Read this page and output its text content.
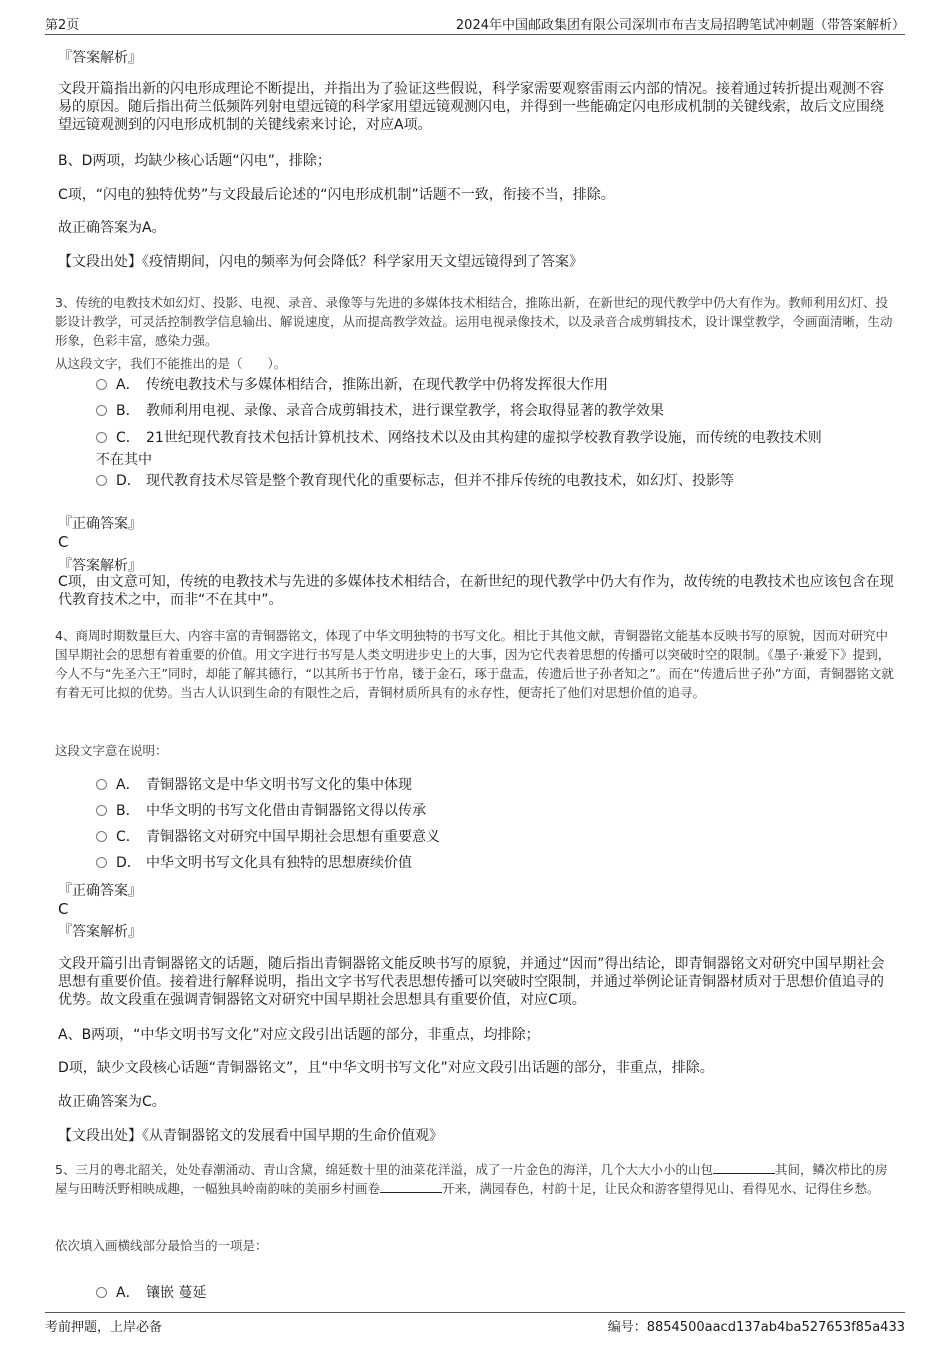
第2页	2024年中国邮政集团有限公司深圳市布吉支局招聘笔试冲刺题（带答案解析）
『答案解析』
文段开篇指出新的闪电形成理论不断提出，并指出为了验证这些假说，科学家需要观察雷雨云内部的情况。接着通过转折提出观测不容易的原因。随后指出荷兰低频阵列射电望远镜的科学家用望远镜观测闪电，并得到一些能确定闪电形成机制的关键线索，故后文应围绕望远镜观测到的闪电形成机制的关键线索来讨论，对应A项。
B、D两项，均缺少核心话题“闪电”，排除；
C项，“闪电的独特优势”与文段最后论述的“闪电形成机制”话题不一致，衔接不当，排除。
故正确答案为A。
【文段出处】《疫情期间，闪电的频率为何会降低？科学家用天文望远镜得到了答案》
3、传统的电教技术如幻灯、投影、电视、录音、录像等与先进的多媒体技术相结合，推陈出新，在新世纪的现代教学中仍大有作为。教师利用幻灯、投影设计教学，可灵活控制教学信息输出、解说速度，从而提高教学效益。运用电视录像技术，以及录音合成剪辑技术，设计课堂教学，令画面清晰，生动形象，色彩丰富，感染力强。
从这段文字，我们不能推出的是（　　）。
A． 传统电教技术与多媒体相结合，推陈出新，在现代教学中仍将发挥很大作用
B． 教师利用电视、录像、录音合成剪辑技术，进行课堂教学，将会取得显著的教学效果
C． 21世纪现代教育技术包括计算机技术、网络技术以及由其构建的虚拟学校教育教学设施，而传统的电教技术则
不在其中
D． 现代教育技术尽管是整个教育现代化的重要标志，但并不排斥传统的电教技术，如幻灯、投影等
『正确答案』
C
『答案解析』
C项，由文意可知，传统的电教技术与先进的多媒体技术相结合，在新世纪的现代教学中仍大有作为，故传统的电教技术也应该包含在现代教育技术之中，而非“不在其中”。
4、商周时期数量巨大、内容丰富的青铜器铭文，体现了中华文明独特的书写文化。相比于其他文献，青铜器铭文能基本反映书写的原貌，因而对研究中国早期社会的思想有着重要的价值。用文字进行书写是人类文明进步史上的大事，因为它代表着思想的传播可以突破时空的限制。《墨子·兼爱下》提到，今人不与“先圣六王”同时，却能了解其德行，“以其所书于竹帛，镂于金石，琢于盘盂，传遗后世子孙者知之”。而在“传遗后世子孙”方面，青铜器铭文就有着无可比拟的优势。当古人认识到生命的有限性之后，青铜材质所具有的永存性，便寄托了他们对思想价值的追寻。
这段文字意在说明：
A． 青铜器铭文是中华文明书写文化的集中体现
B． 中华文明的书写文化借由青铜器铭文得以传承
C． 青铜器铭文对研究中国早期社会思想有重要意义
D． 中华文明书写文化具有独特的思想赓续价值
『正确答案』
C
『答案解析』
文段开篇引出青铜器铭文的话题，随后指出青铜器铭文能反映书写的原貌，并通过“因而”得出结论，即青铜器铭文对研究中国早期社会思想有重要价值。接着进行解释说明，指出文字书写代表思想传播可以突破时空限制，并通过举例论证青铜器材质对于思想价值追寻的优势。故文段重在强调青铜器铭文对研究中国早期社会思想具有重要价值，对应C项。
A、B两项，“中华文明书写文化”对应文段引出话题的部分，非重点，均排除；
D项，缺少文段核心话题“青铜器铭文”，且“中华文明书写文化”对应文段引出话题的部分，非重点，排除。
故正确答案为C。
【文段出处】《从青铜器铭文的发展看中国早期的生命价值观》
5、三月的粤北韶关，处处春潮涌动、青山含黛，绵延数十里的油菜花洋溢，成了一片金色的海洋，几个大大小小的山包	其间，鳞次栉比的房屋与田畴沃野相映成趣，一幅独具岭南韵味的美丽乡村画卷	开来，满园春色，村韵十足，让民众和游客望得见山、看得见水、记得住乡愁。
依次填入画横线部分最恰当的一项是：
A． 镶嵌 蔓延
考前押题，上岸必备	编号：8854500aacd137ab4ba527653f85a433
